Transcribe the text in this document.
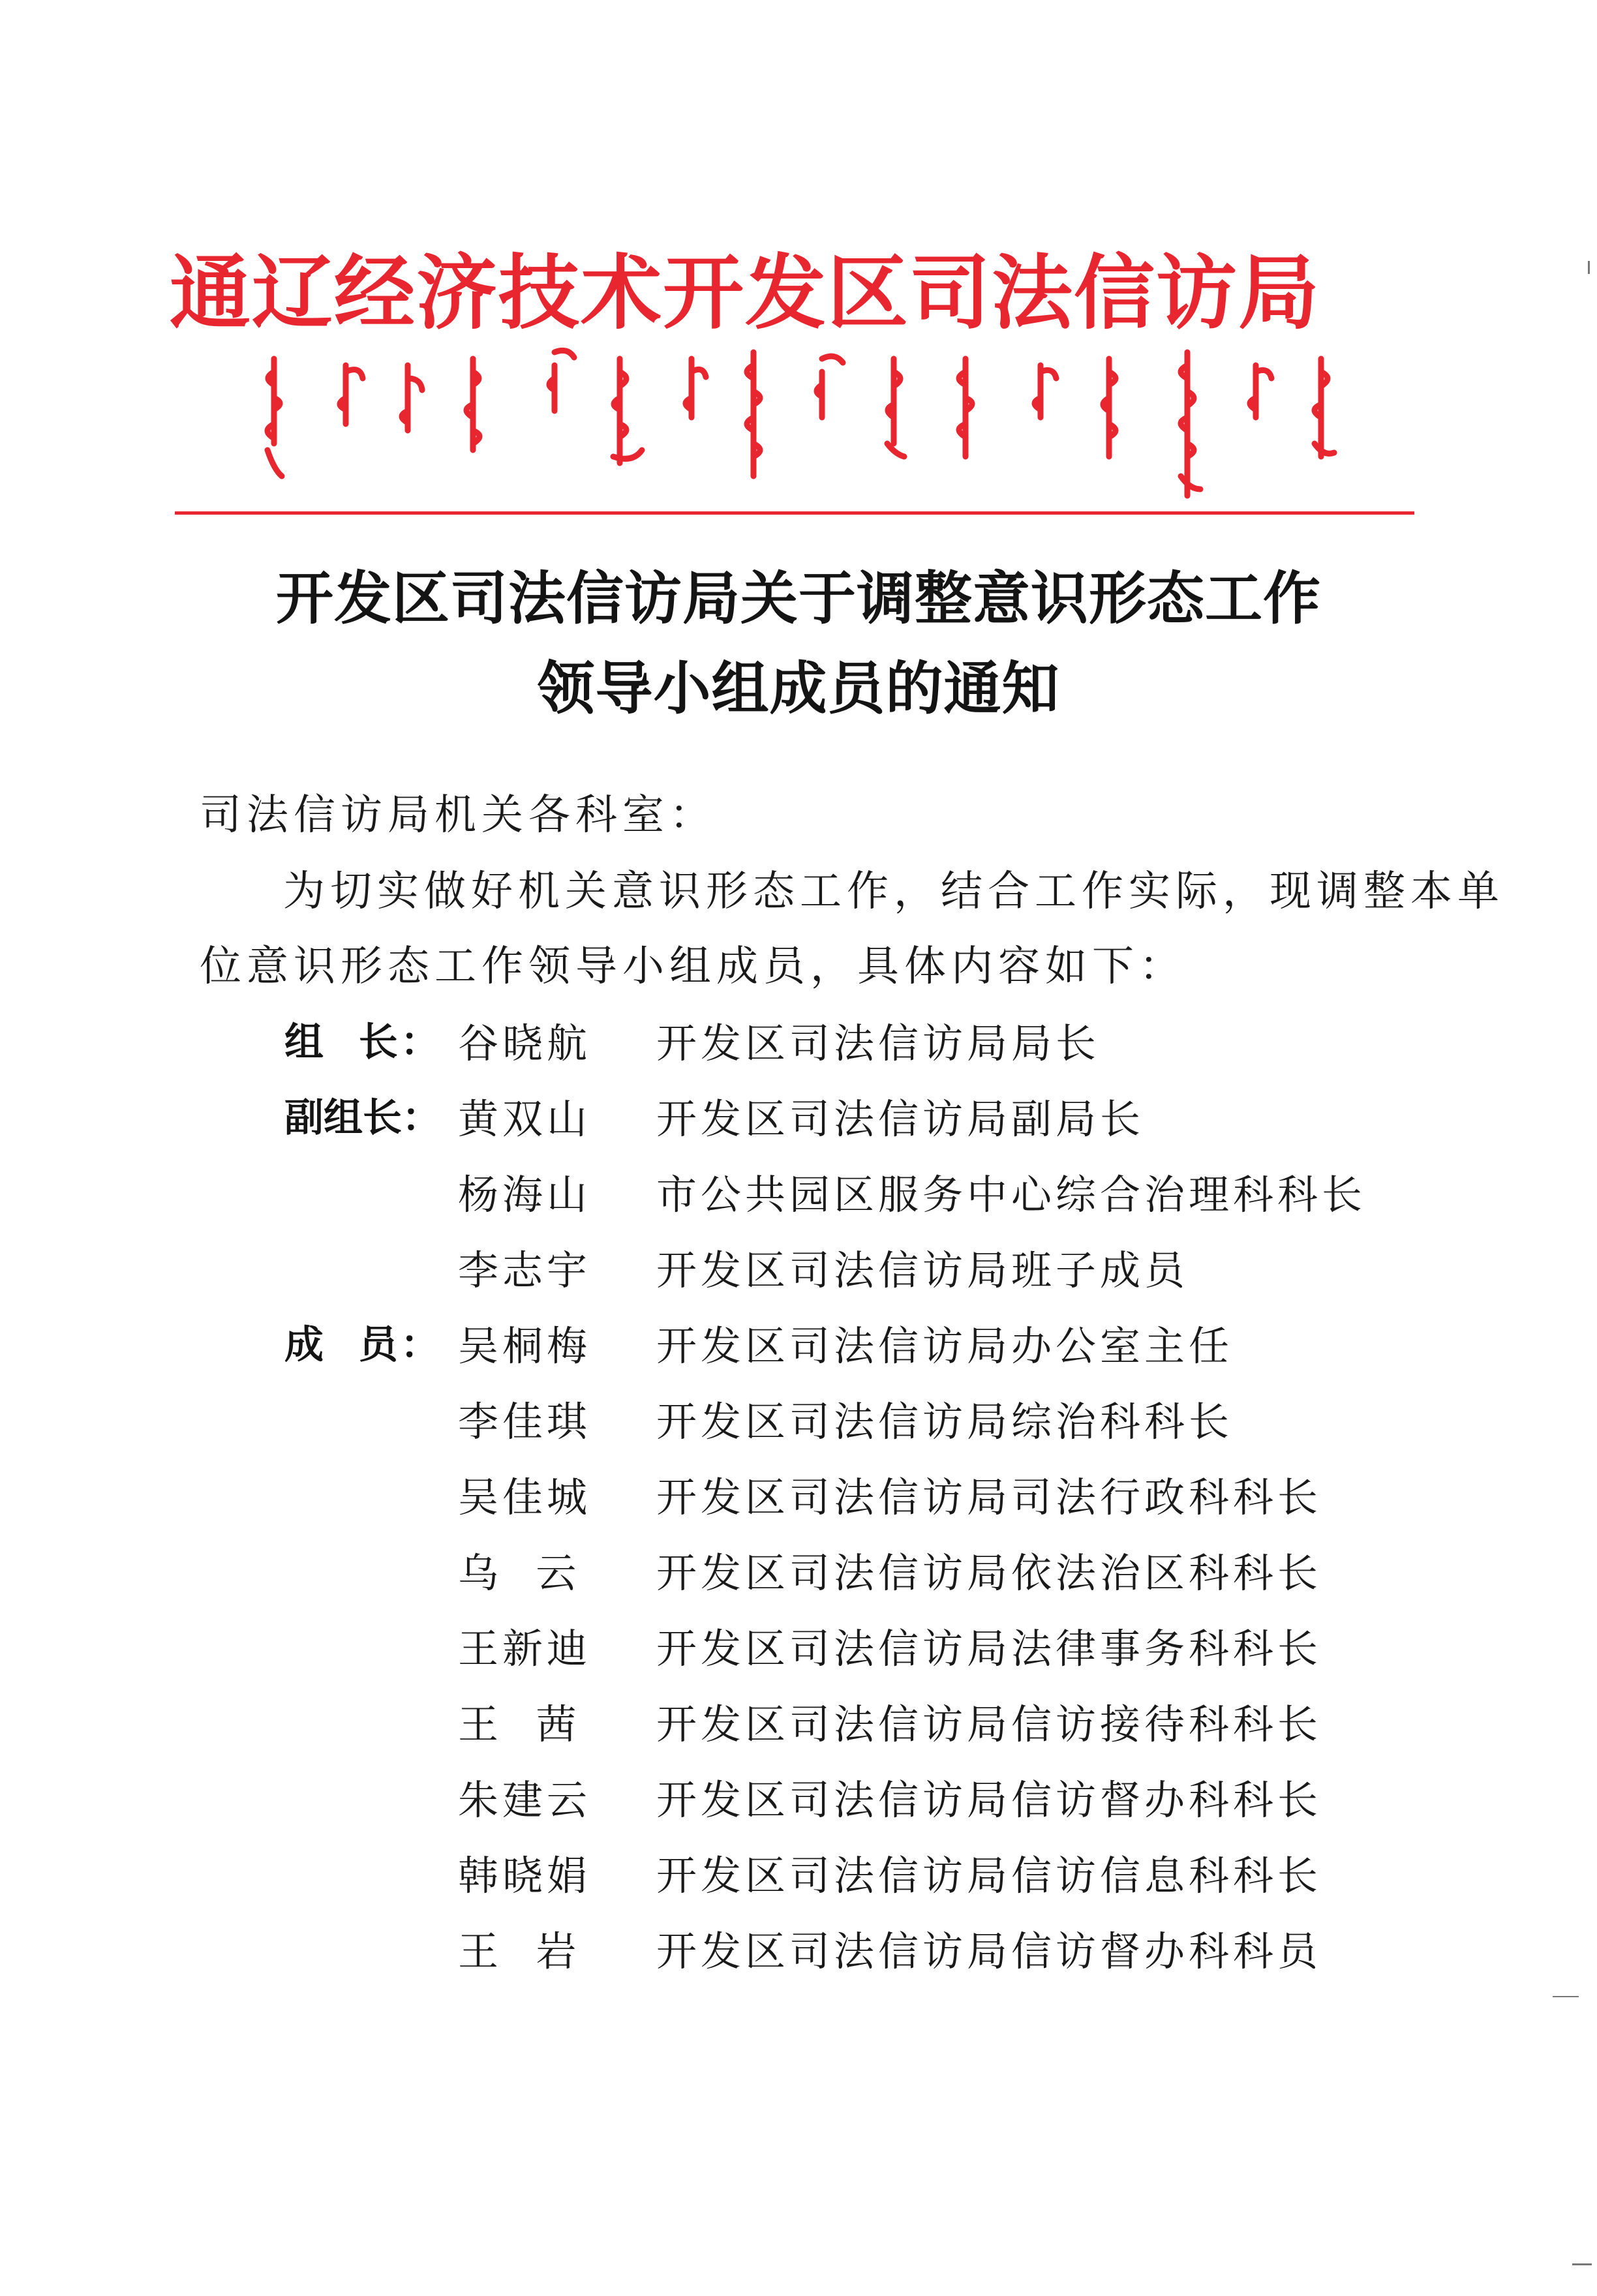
通辽经济技术开发区司法信访局
开发区司法信访局关于调整意识形态工作
领导小组成员的通知
司法信访局机关各科室：
为切实做好机关意识形态工作，结合工作实际，现调整本单
位意识形态工作领导小组成员，具体内容如下：
组  长： 谷晓航 开发区司法信访局局长
副组长： 黄双山 开发区司法信访局副局长
杨海山 市公共园区服务中心综合治理科科长
李志宇 开发区司法信访局班子成员
成  员： 吴桐梅 开发区司法信访局办公室主任
李佳琪 开发区司法信访局综治科科长
吴佳城 开发区司法信访局司法行政科科长
乌  云 开发区司法信访局依法治区科科长
王新迪 开发区司法信访局法律事务科科长
王  茜 开发区司法信访局信访接待科科长
朱建云 开发区司法信访局信访督办科科长
韩晓娟 开发区司法信访局信访信息科科长
王  岩 开发区司法信访局信访督办科科员
